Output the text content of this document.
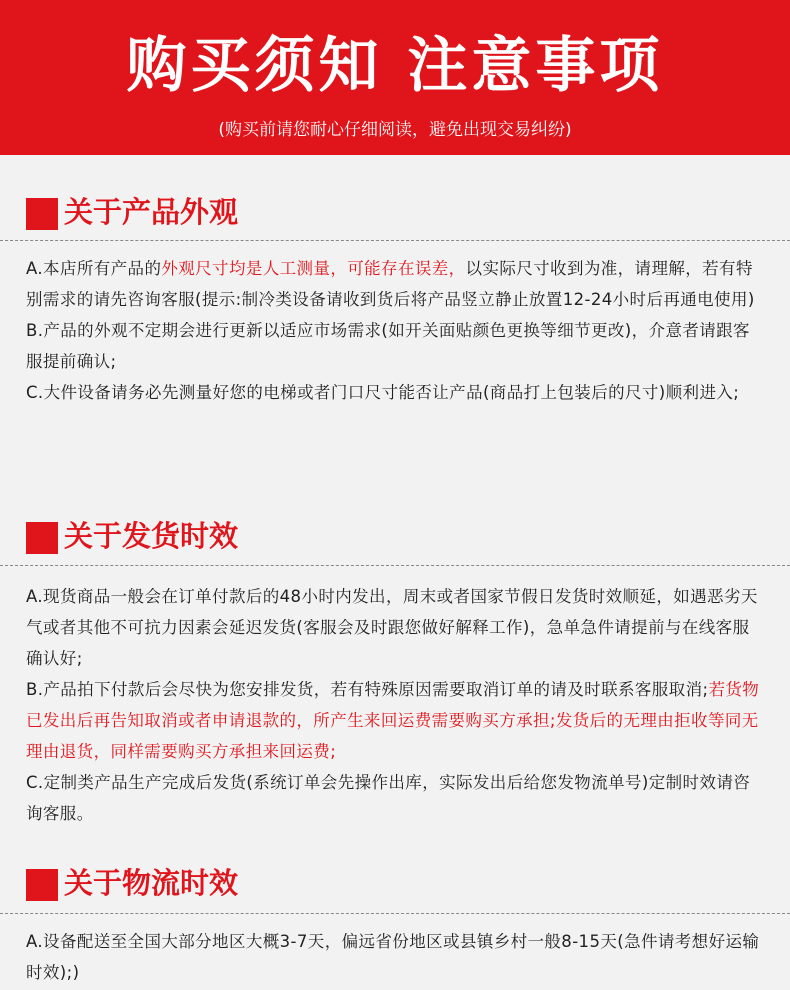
购买须知 注意事项
(购买前请您耐心仔细阅读，避免出现交易纠纷)
关于产品外观

A.本店所有产品的外观尺寸均是人工测量，可能存在误差，以实际尺寸收到为准，请理解，若有特别需求的请先咨询客服(提示:制冷类设备请收到货后将产品竖立静止放置12-24小时后再通电使用)

B.产品的外观不定期会进行更新以适应市场需求(如开关面贴颜色更换等细节更改)，介意者请跟客服提前确认;

C.大件设备请务必先测量好您的电梯或者门口尺寸能否让产品(商品打上包装后的尺寸)顺利进入;

关于发货时效

A.现货商品一般会在订单付款后的48小时内发出，周末或者国家节假日发货时效顺延，如遇恶劣天气或者其他不可抗力因素会延迟发货(客服会及时跟您做好解释工作)，急单急件请提前与在线客服确认好;

B.产品拍下付款后会尽快为您安排发货，若有特殊原因需要取消订单的请及时联系客服取消;若货物已发出后再告知取消或者申请退款的，所产生来回运费需要购买方承担;发货后的无理由拒收等同无理由退货，同样需要购买方承担来回运费;

C.定制类产品生产完成后发货(系统订单会先操作出库，实际发出后给您发物流单号)定制时效请咨询客服。

关于物流时效

A.设备配送至全国大部分地区大概3-7天，偏远省份地区或县镇乡村一般8-15天(急件请考想好运输时效);)
